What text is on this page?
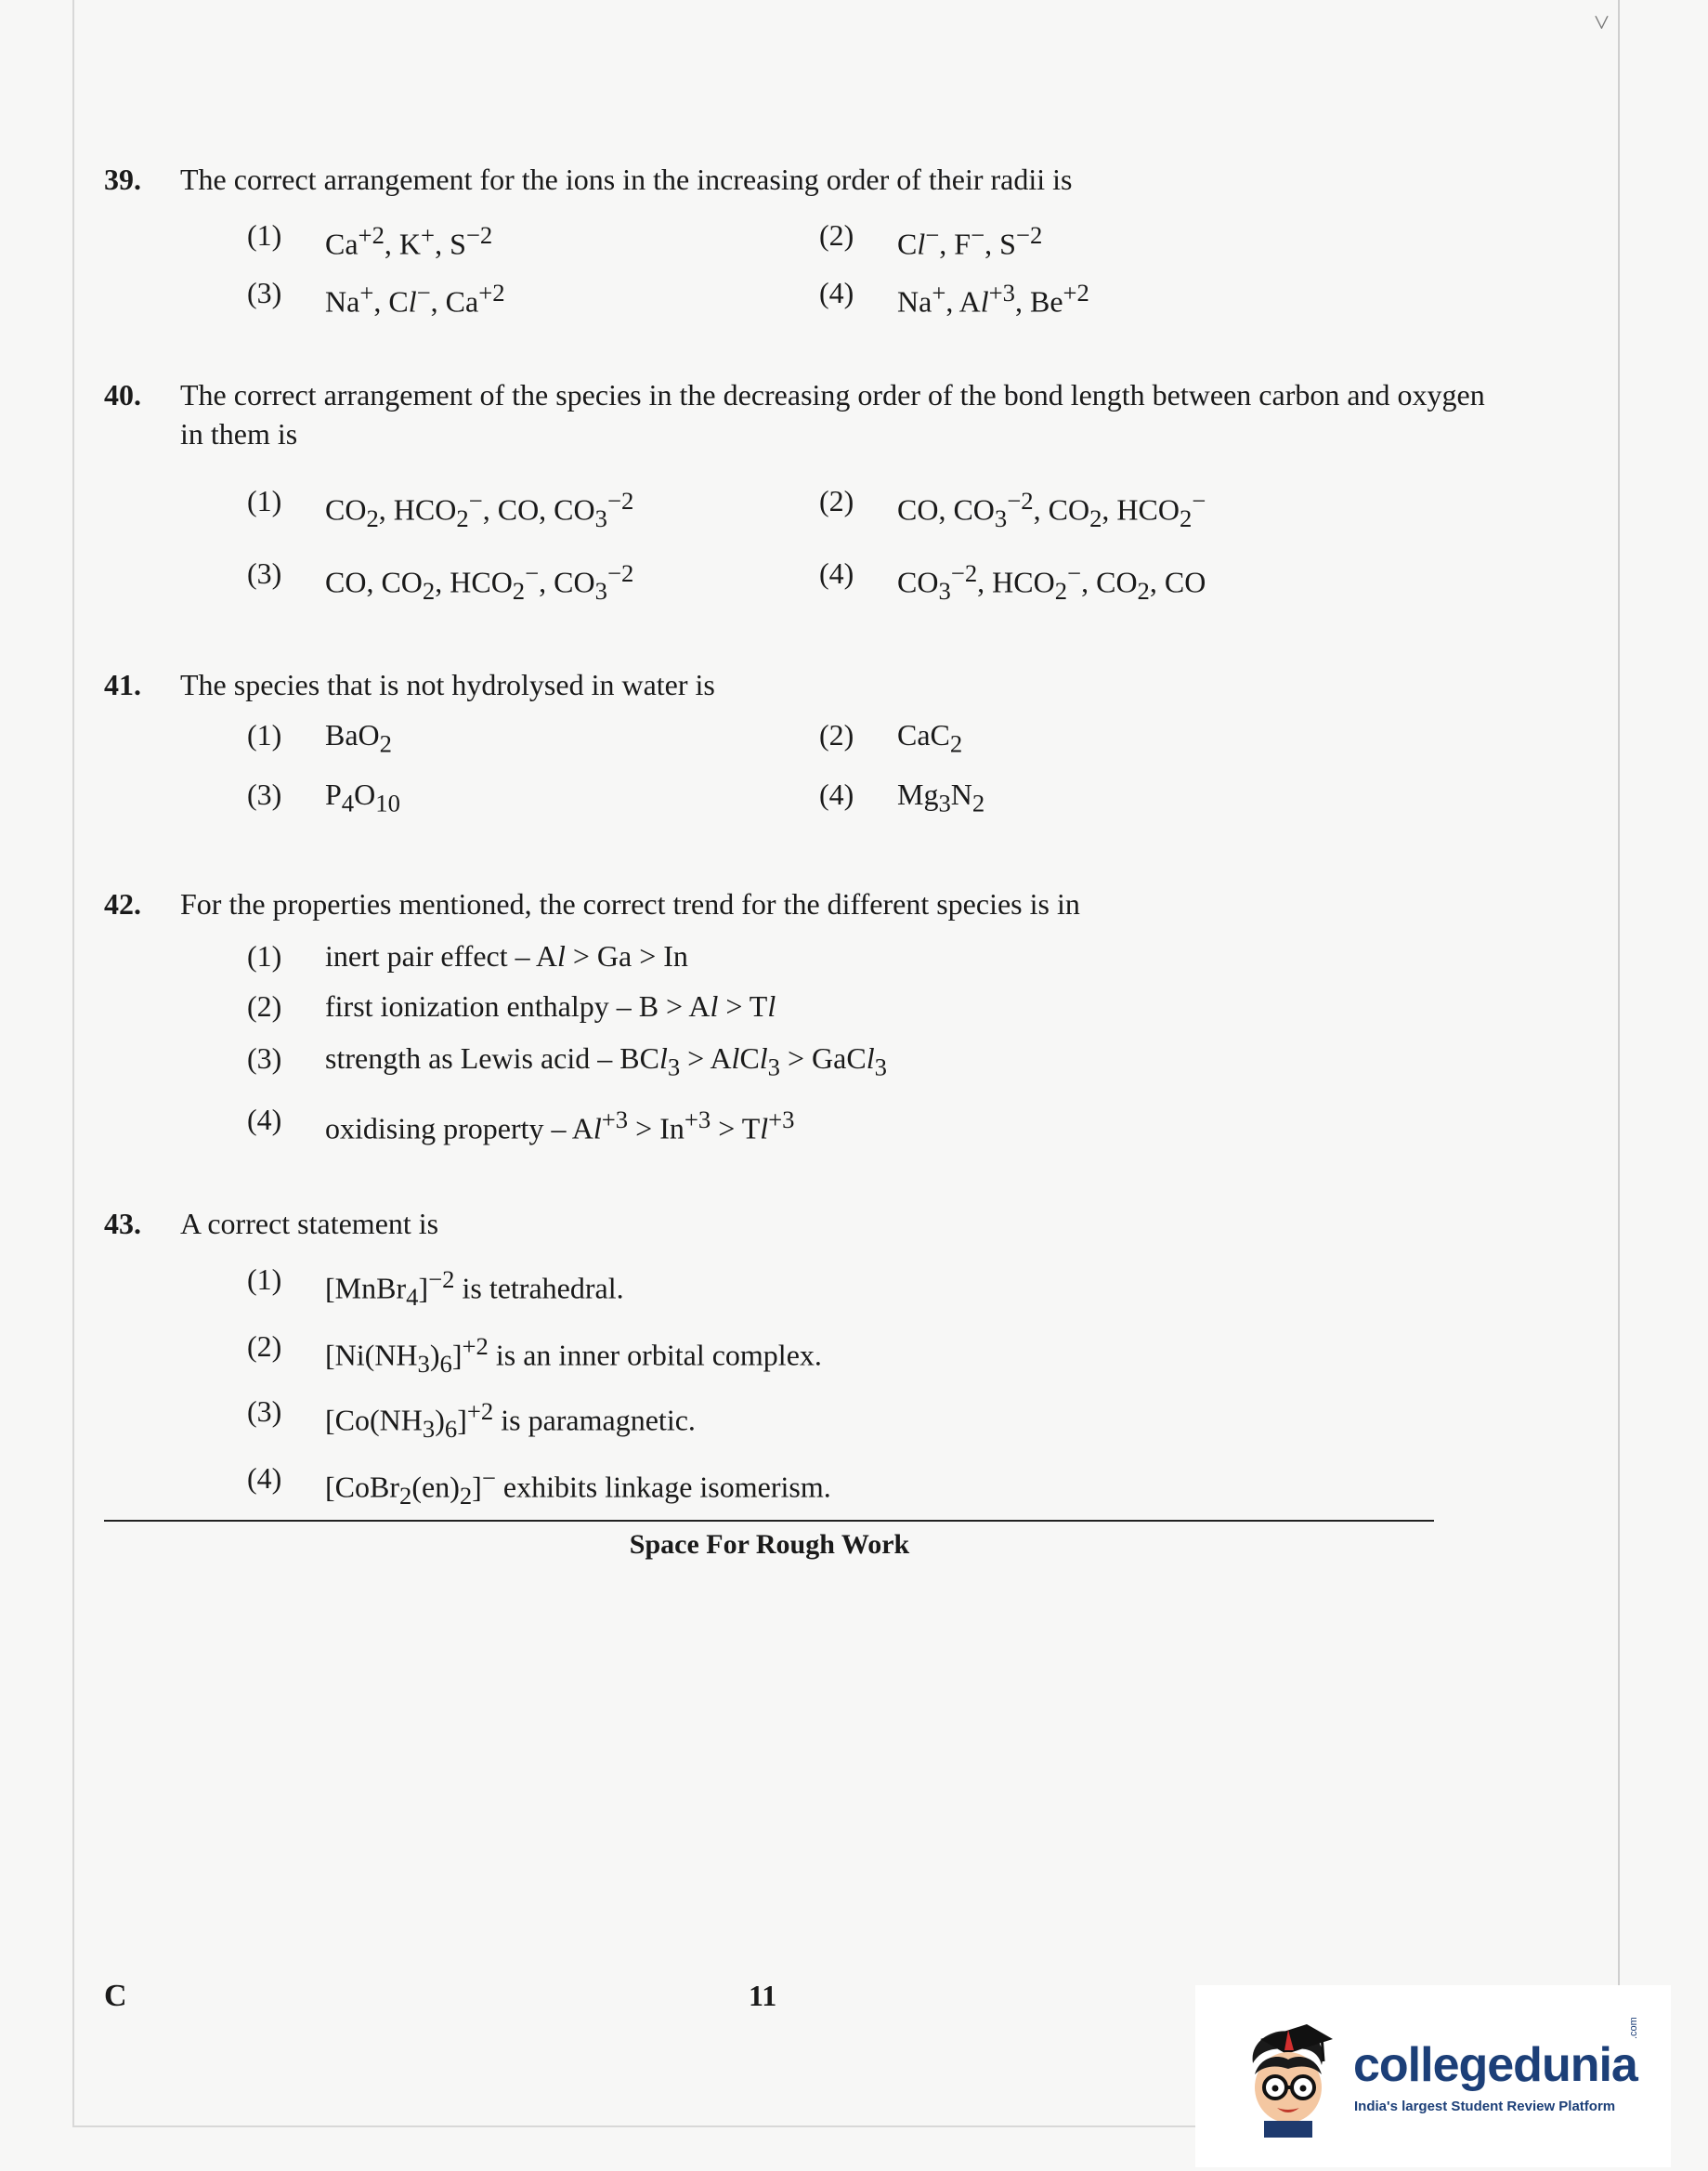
˅
39. The correct arrangement for the ions in the increasing order of their radii is
(1) $Ca^{+2}$, K+, $S^{-2}$	(2) Cl−, F−, $S^{-2}$
(3) Na+, Cl−, $Ca^{+2}$	(4) Na+, $Al^{+3}$, $Be^{+2}$
40. The correct arrangement of the species in the decreasing order of the bond length between carbon and oxygen in them is
(1) $CO_2$, $HCO_2^-$, CO, $CO_3^{-2}$	(2) CO, $CO_3^{-2}$, $CO_2$, $HCO_2^-$
(3) CO, $CO_2$, $HCO_2^-$, $CO_3^{-2}$	(4) $CO_3^{-2}$, $HCO_2^-$, $CO_2$, CO
41. The species that is not hydrolysed in water is
(1) BaO$_2$	(2) CaC$_2$
(3) $P_4O_{10}$	(4) $Mg_3N_2$
42. For the properties mentioned, the correct trend for the different species is in
(1) inert pair effect – Al > Ga > In
(2) first ionization enthalpy – B > Al > Tl
(3) strength as Lewis acid – BCl$_3$ > AlCl$_3$ > GaCl$_3$
(4) oxidising property – $Al^{+3} > In^{+3} > Tl^{+3}$
43. A correct statement is
(1) [MnBr$_4$]$^{-2}$ is tetrahedral.
(2) $[Ni(NH_3)_6]^{+2}$ is an inner orbital complex.
(3) $[Co(NH_3)_6]^{+2}$ is paramagnetic.
(4) $[CoBr_2(en)_2]^-$ exhibits linkage isomerism.
Space For Rough Work
C	11
collegedunia
.com
India's largest Student Review Platform
